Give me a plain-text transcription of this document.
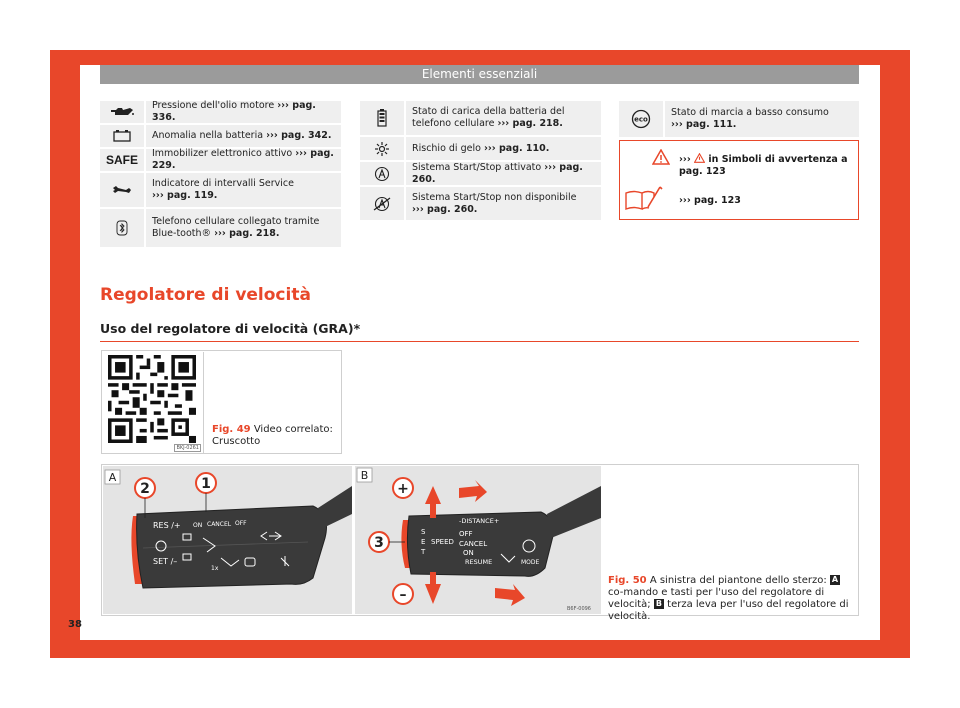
Elementi essenziali
Pressione dell'olio motore ››› pag. 336.
Anomalia nella batteria ››› pag. 342.
SAFE	Immobilizer elettronico attivo ››› pag. 229.
Indicatore di intervalli Service
››› pag. 119.
Telefono cellulare collegato tramite Blue-tooth® ››› pag. 218.
Stato di carica della batteria del telefono cellulare ››› pag. 218.
Rischio di gelo ››› pag. 110.
Sistema Start/Stop attivato ››› pag. 260.
Sistema Start/Stop non disponibile
››› pag. 260.
eco
Stato di marcia a basso consumo
››› pag. 111.
››› in Simboli di avvertenza a pag. 123
››› pag. 123
Regolatore di velocità
Uso del regolatore di velocità (GRA)*
BKJ-0261
Fig. 49 Video correlato: Cruscotto
A
2	1
RES /+ ON CANCEL OFF
SET /–
1x
B
+
3
–
-DISTANCE+
S
E
T
SPEED
OFF
CANCEL
ON
RESUME	MODE
B6F-0096
Fig. 50 A sinistra del piantone dello sterzo: A co-mando e tasti per l'uso del regolatore di velocità; B terza leva per l'uso del regolatore di velocità.
38
